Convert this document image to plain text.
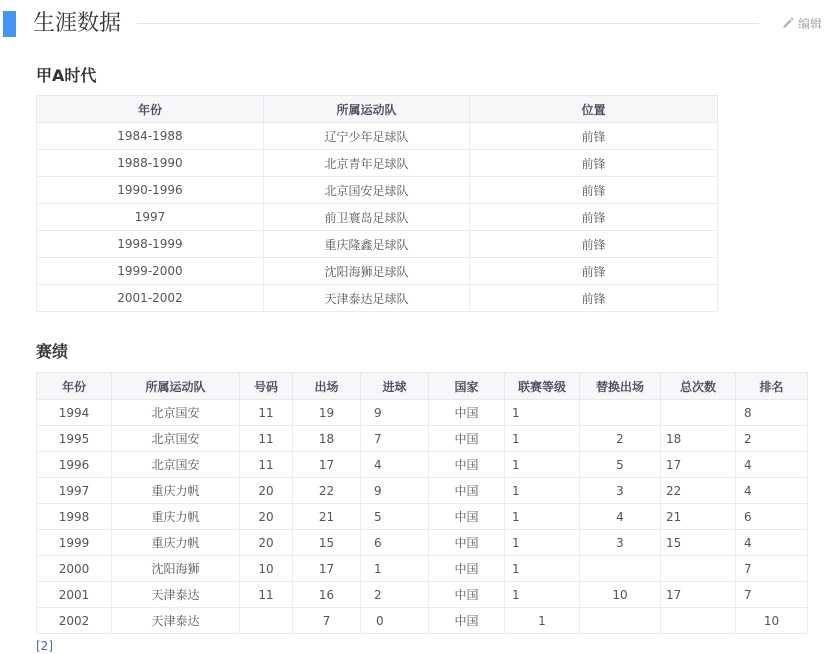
生涯数据	编辑
甲A时代
年份	所属运动队	位置
1984-1988	辽宁少年足球队	前锋
1988-1990	北京青年足球队	前锋
1990-1996	北京国安足球队	前锋
1997	前卫寰岛足球队	前锋
1998-1999	重庆隆鑫足球队	前锋
1999-2000	沈阳海狮足球队	前锋
2001-2002	天津泰达足球队	前锋
赛绩
年份	所属运动队	号码	出场	进球	国家	联赛等级	替换出场	总次数	排名
1994	北京国安	11	19	9	中国	1			8
1995	北京国安	11	18	7	中国	1	2	18	2
1996	北京国安	11	17	4	中国	1	5	17	4
1997	重庆力帆	20	22	9	中国	1	3	22	4
1998	重庆力帆	20	21	5	中国	1	4	21	6
1999	重庆力帆	20	15	6	中国	1	3	15	4
2000	沈阳海狮	10	17	1	中国	1			7
2001	天津泰达	11	16	2	中国	1	10	17	7
2002	天津泰达		7	0	中国	1			10
[2]
